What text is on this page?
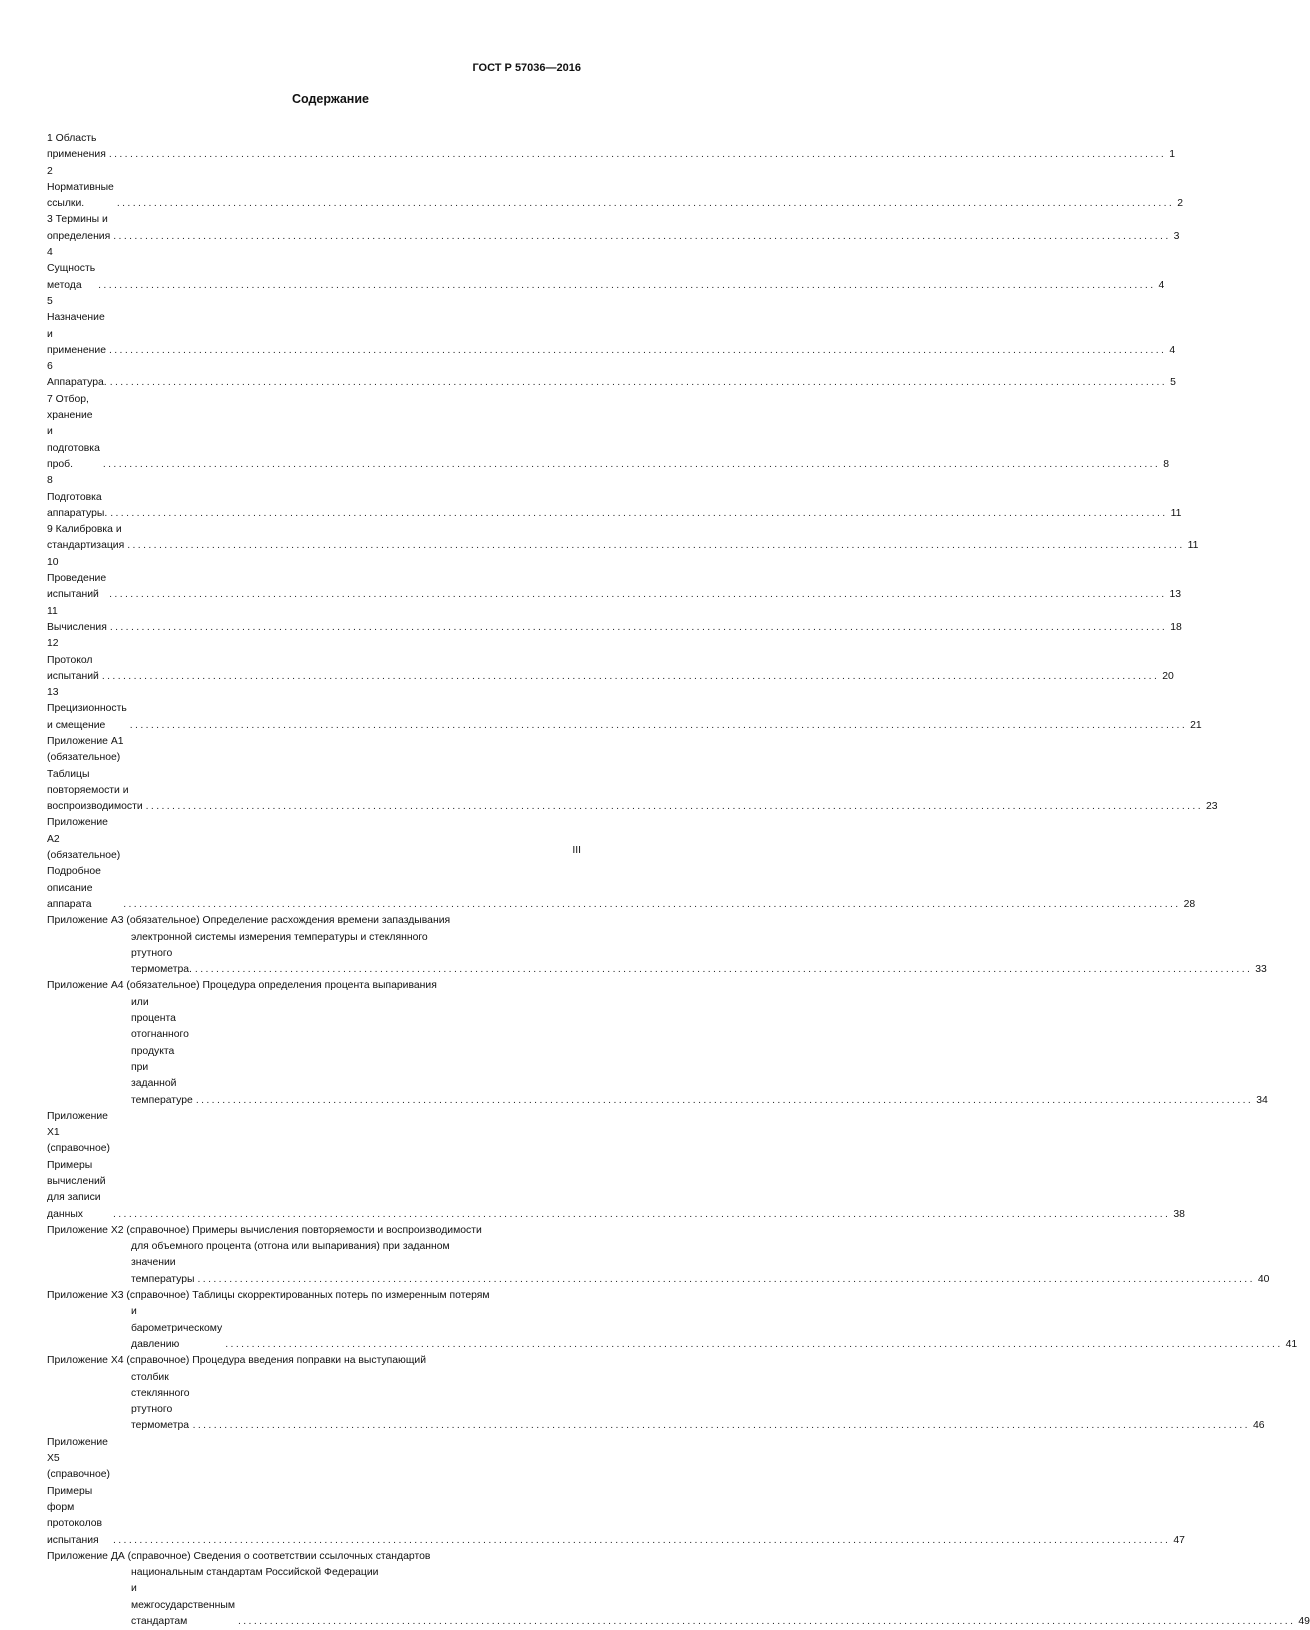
ГОСТ Р 57036—2016
Содержание
1 Область применения ........................................................................................................................................................................................................ 1
2 Нормативные ссылки.	........................................................................................................................................................................................................ 2
3 Термины и определения ........................................................................................................................................................................................................ 3
4 Сущность метода	........................................................................................................................................................................................................ 4
5 Назначение и применение ........................................................................................................................................................................................................ 4
6 Аппаратура. ........................................................................................................................................................................................................ 5
7 Отбор, хранение и подготовка проб.	........................................................................................................................................................................................................ 8
8 Подготовка аппаратуры. ........................................................................................................................................................................................................ 11
9 Калибровка и стандартизация ........................................................................................................................................................................................................ 11
10 Проведение испытаний ........................................................................................................................................................................................................ 13
11 Вычисления ........................................................................................................................................................................................................ 18
12 Протокол испытаний ........................................................................................................................................................................................................ 20
13 Прецизионность и смещение	........................................................................................................................................................................................................ 21
Приложение А1 (обязательное) Таблицы повторяемости и воспроизводимости ........................................................................................................................................................................................................ 23
Приложение А2 (обязательное) Подробное описание аппарата	........................................................................................................................................................................................................ 28
Приложение А3 (обязательное) Определение расхождения времени запаздывания
электронной системы измерения температуры и стеклянного
ртутного термометра. ........................................................................................................................................................................................................ 33
Приложение А4 (обязательное) Процедура определения процента выпаривания
или процента отогнанного продукта при заданной температуре ........................................................................................................................................................................................................ 34
Приложение Х1 (справочное) Примеры вычислений для записи данных	........................................................................................................................................................................................................ 38
Приложение Х2 (справочное) Примеры вычисления повторяемости и воспроизводимости
для объемного процента (отгона или выпаривания) при заданном
значении температуры ........................................................................................................................................................................................................ 40
Приложение Х3 (справочное) Таблицы скорректированных потерь по измеренным потерям
и барометрическому давлению	........................................................................................................................................................................................................ 41
Приложение Х4 (справочное) Процедура введения поправки на выступающий
столбик стеклянного ртутного термометра ........................................................................................................................................................................................................ 46
Приложение Х5 (справочное) Примеры форм протоколов испытания	........................................................................................................................................................................................................ 47
Приложение ДА (справочное) Сведения о соответствии ссылочных стандартов
национальным стандартам Российской Федерации
и межгосударственным стандартам	........................................................................................................................................................................................................ 49
III
